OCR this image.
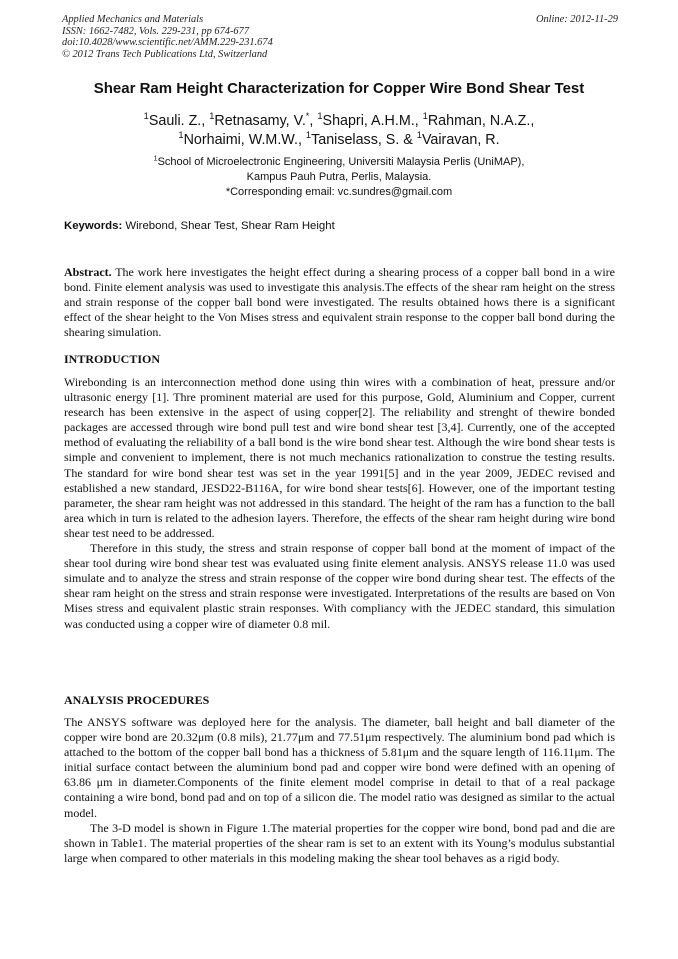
Applied Mechanics and Materials
ISSN: 1662-7482, Vols. 229-231, pp 674-677
doi:10.4028/www.scientific.net/AMM.229-231.674
© 2012 Trans Tech Publications Ltd, Switzerland
Online: 2012-11-29
Shear Ram Height Characterization for Copper Wire Bond Shear Test
$^1$Sauli. Z., $^1$Retnasamy, V.*, $^1$Shapri, A.H.M., $^1$Rahman, N.A.Z.,
$^1$Norhaimi, W.M.W., $^1$Taniselass, S. & $^1$Vairavan, R.
$^1$School of Microelectronic Engineering, Universiti Malaysia Perlis (UniMAP),
Kampus Pauh Putra, Perlis, Malaysia.
*Corresponding email: vc.sundres@gmail.com
Keywords: Wirebond, Shear Test, Shear Ram Height
Abstract. The work here investigates the height effect during a shearing process of a copper ball bond in a wire bond. Finite element analysis was used to investigate this analysis.The effects of the shear ram height on the stress and strain response of the copper ball bond were investigated. The results obtained hows there is a significant effect of the shear height to the Von Mises stress and equivalent strain response to the copper ball bond during the shearing simulation.
INTRODUCTION

Wirebonding is an interconnection method done using thin wires with a combination of heat, pressure and/or ultrasonic energy [1]. Thre prominent material are used for this purpose, Gold, Aluminium and Copper, current research has been extensive in the aspect of using copper[2]. The reliability and strenght of thewire bonded packages are accessed through wire bond pull test and wire bond shear test [3,4]. Currently, one of the accepted method of evaluating the reliability of a ball bond is the wire bond shear test. Although the wire bond shear tests is simple and convenient to implement, there is not much mechanics rationalization to construe the testing results. The standard for wire bond shear test was set in the year 1991[5] and in the year 2009, JEDEC revised and established a new standard, JESD22-B116A, for wire bond shear tests[6]. However, one of the important testing parameter, the shear ram height was not addressed in this standard. The height of the ram has a function to the ball area which in turn is related to the adhesion layers. Therefore, the effects of the shear ram height during wire bond shear test need to be addressed.

Therefore in this study, the stress and strain response of copper ball bond at the moment of impact of the shear tool during wire bond shear test was evaluated using finite element analysis. ANSYS release 11.0 was used simulate and to analyze the stress and strain response of the copper wire bond during shear test. The effects of the shear ram height on the stress and strain response were investigated. Interpretations of the results are based on Von Mises stress and equivalent plastic strain responses. With compliancy with the JEDEC standard, this simulation was conducted using a copper wire of diameter 0.8 mil.

ANALYSIS PROCEDURES

The ANSYS software was deployed here for the analysis. The diameter, ball height and ball diameter of the copper wire bond are 20.32μm (0.8 mils), 21.77μm and 77.51μm respectively. The aluminium bond pad which is attached to the bottom of the copper ball bond has a thickness of 5.81μm and the square length of 116.11μm. The initial surface contact between the aluminium bond pad and copper wire bond were defined with an opening of 63.86 μm in diameter.Components of the finite element model comprise in detail to that of a real package containing a wire bond, bond pad and on top of a silicon die. The model ratio was designed as similar to the actual model.

The 3-D model is shown in Figure 1.The material properties for the copper wire bond, bond pad and die are shown in Table1. The material properties of the shear ram is set to an extent with its Young’s modulus substantial large when compared to other materials in this modeling making the shear tool behaves as a rigid body.
